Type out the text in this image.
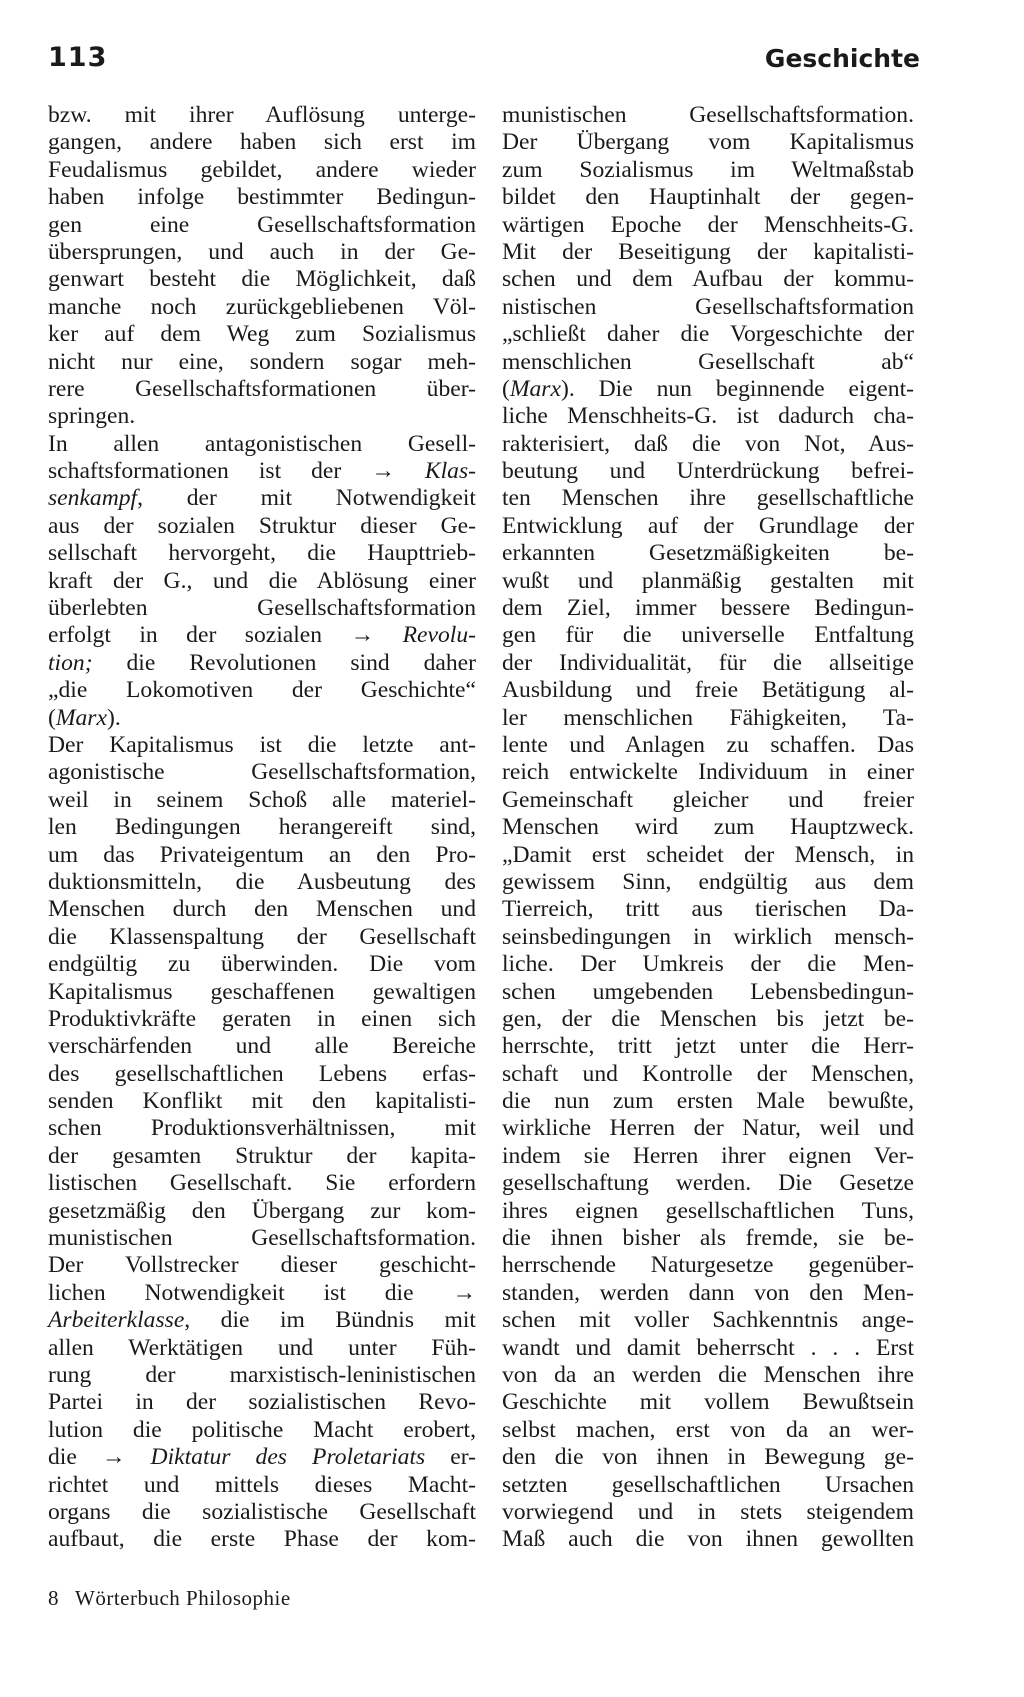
113	Geschichte
bzw. mit ihrer Auflösung unterge-
gangen, andere haben sich erst im
Feudalismus gebildet, andere wieder
haben infolge bestimmter Bedingun-
gen eine Gesellschaftsformation
übersprungen, und auch in der Ge-
genwart besteht die Möglichkeit, daß
manche noch zurückgebliebenen Völ-
ker auf dem Weg zum Sozialismus
nicht nur eine, sondern sogar meh-
rere Gesellschaftsformationen über-
springen.
In allen antagonistischen Gesell-
schaftsformationen ist der → Klas-
senkampf, der mit Notwendigkeit
aus der sozialen Struktur dieser Ge-
sellschaft hervorgeht, die Haupttrieb-
kraft der G., und die Ablösung einer
überlebten Gesellschaftsformation
erfolgt in der sozialen → Revolu-
tion; die Revolutionen sind daher
„die Lokomotiven der Geschichte“
(Marx).
Der Kapitalismus ist die letzte ant-
agonistische Gesellschaftsformation,
weil in seinem Schoß alle materiel-
len Bedingungen herangereift sind,
um das Privateigentum an den Pro-
duktionsmitteln, die Ausbeutung des
Menschen durch den Menschen und
die Klassenspaltung der Gesellschaft
endgültig zu überwinden. Die vom
Kapitalismus geschaffenen gewaltigen
Produktivkräfte geraten in einen sich
verschärfenden und alle Bereiche
des gesellschaftlichen Lebens erfas-
senden Konflikt mit den kapitalisti-
schen Produktionsverhältnissen, mit
der gesamten Struktur der kapita-
listischen Gesellschaft. Sie erfordern
gesetzmäßig den Übergang zur kom-
munistischen Gesellschaftsformation.
Der Vollstrecker dieser geschicht-
lichen Notwendigkeit ist die →
Arbeiterklasse, die im Bündnis mit
allen Werktätigen und unter Füh-
rung der marxistisch-leninistischen
Partei in der sozialistischen Revo-
lution die politische Macht erobert,
die → Diktatur des Proletariats er-
richtet und mittels dieses Macht-
organs die sozialistische Gesellschaft
aufbaut, die erste Phase der kom-
munistischen Gesellschaftsformation.
Der Übergang vom Kapitalismus
zum Sozialismus im Weltmaßstab
bildet den Hauptinhalt der gegen-
wärtigen Epoche der Menschheits-G.
Mit der Beseitigung der kapitalisti-
schen und dem Aufbau der kommu-
nistischen Gesellschaftsformation
„schließt daher die Vorgeschichte der
menschlichen Gesellschaft ab“
(Marx). Die nun beginnende eigent-
liche Menschheits-G. ist dadurch cha-
rakterisiert, daß die von Not, Aus-
beutung und Unterdrückung befrei-
ten Menschen ihre gesellschaftliche
Entwicklung auf der Grundlage der
erkannten Gesetzmäßigkeiten be-
wußt und planmäßig gestalten mit
dem Ziel, immer bessere Bedingun-
gen für die universelle Entfaltung
der Individualität, für die allseitige
Ausbildung und freie Betätigung al-
ler menschlichen Fähigkeiten, Ta-
lente und Anlagen zu schaffen. Das
reich entwickelte Individuum in einer
Gemeinschaft gleicher und freier
Menschen wird zum Hauptzweck.
„Damit erst scheidet der Mensch, in
gewissem Sinn, endgültig aus dem
Tierreich, tritt aus tierischen Da-
seinsbedingungen in wirklich mensch-
liche. Der Umkreis der die Men-
schen umgebenden Lebensbedingun-
gen, der die Menschen bis jetzt be-
herrschte, tritt jetzt unter die Herr-
schaft und Kontrolle der Menschen,
die nun zum ersten Male bewußte,
wirkliche Herren der Natur, weil und
indem sie Herren ihrer eignen Ver-
gesellschaftung werden. Die Gesetze
ihres eignen gesellschaftlichen Tuns,
die ihnen bisher als fremde, sie be-
herrschende Naturgesetze gegenüber-
standen, werden dann von den Men-
schen mit voller Sachkenntnis ange-
wandt und damit beherrscht . . . Erst
von da an werden die Menschen ihre
Geschichte mit vollem Bewußtsein
selbst machen, erst von da an wer-
den die von ihnen in Bewegung ge-
setzten gesellschaftlichen Ursachen
vorwiegend und in stets steigendem
Maß auch die von ihnen gewollten
8 Wörterbuch Philosophie
